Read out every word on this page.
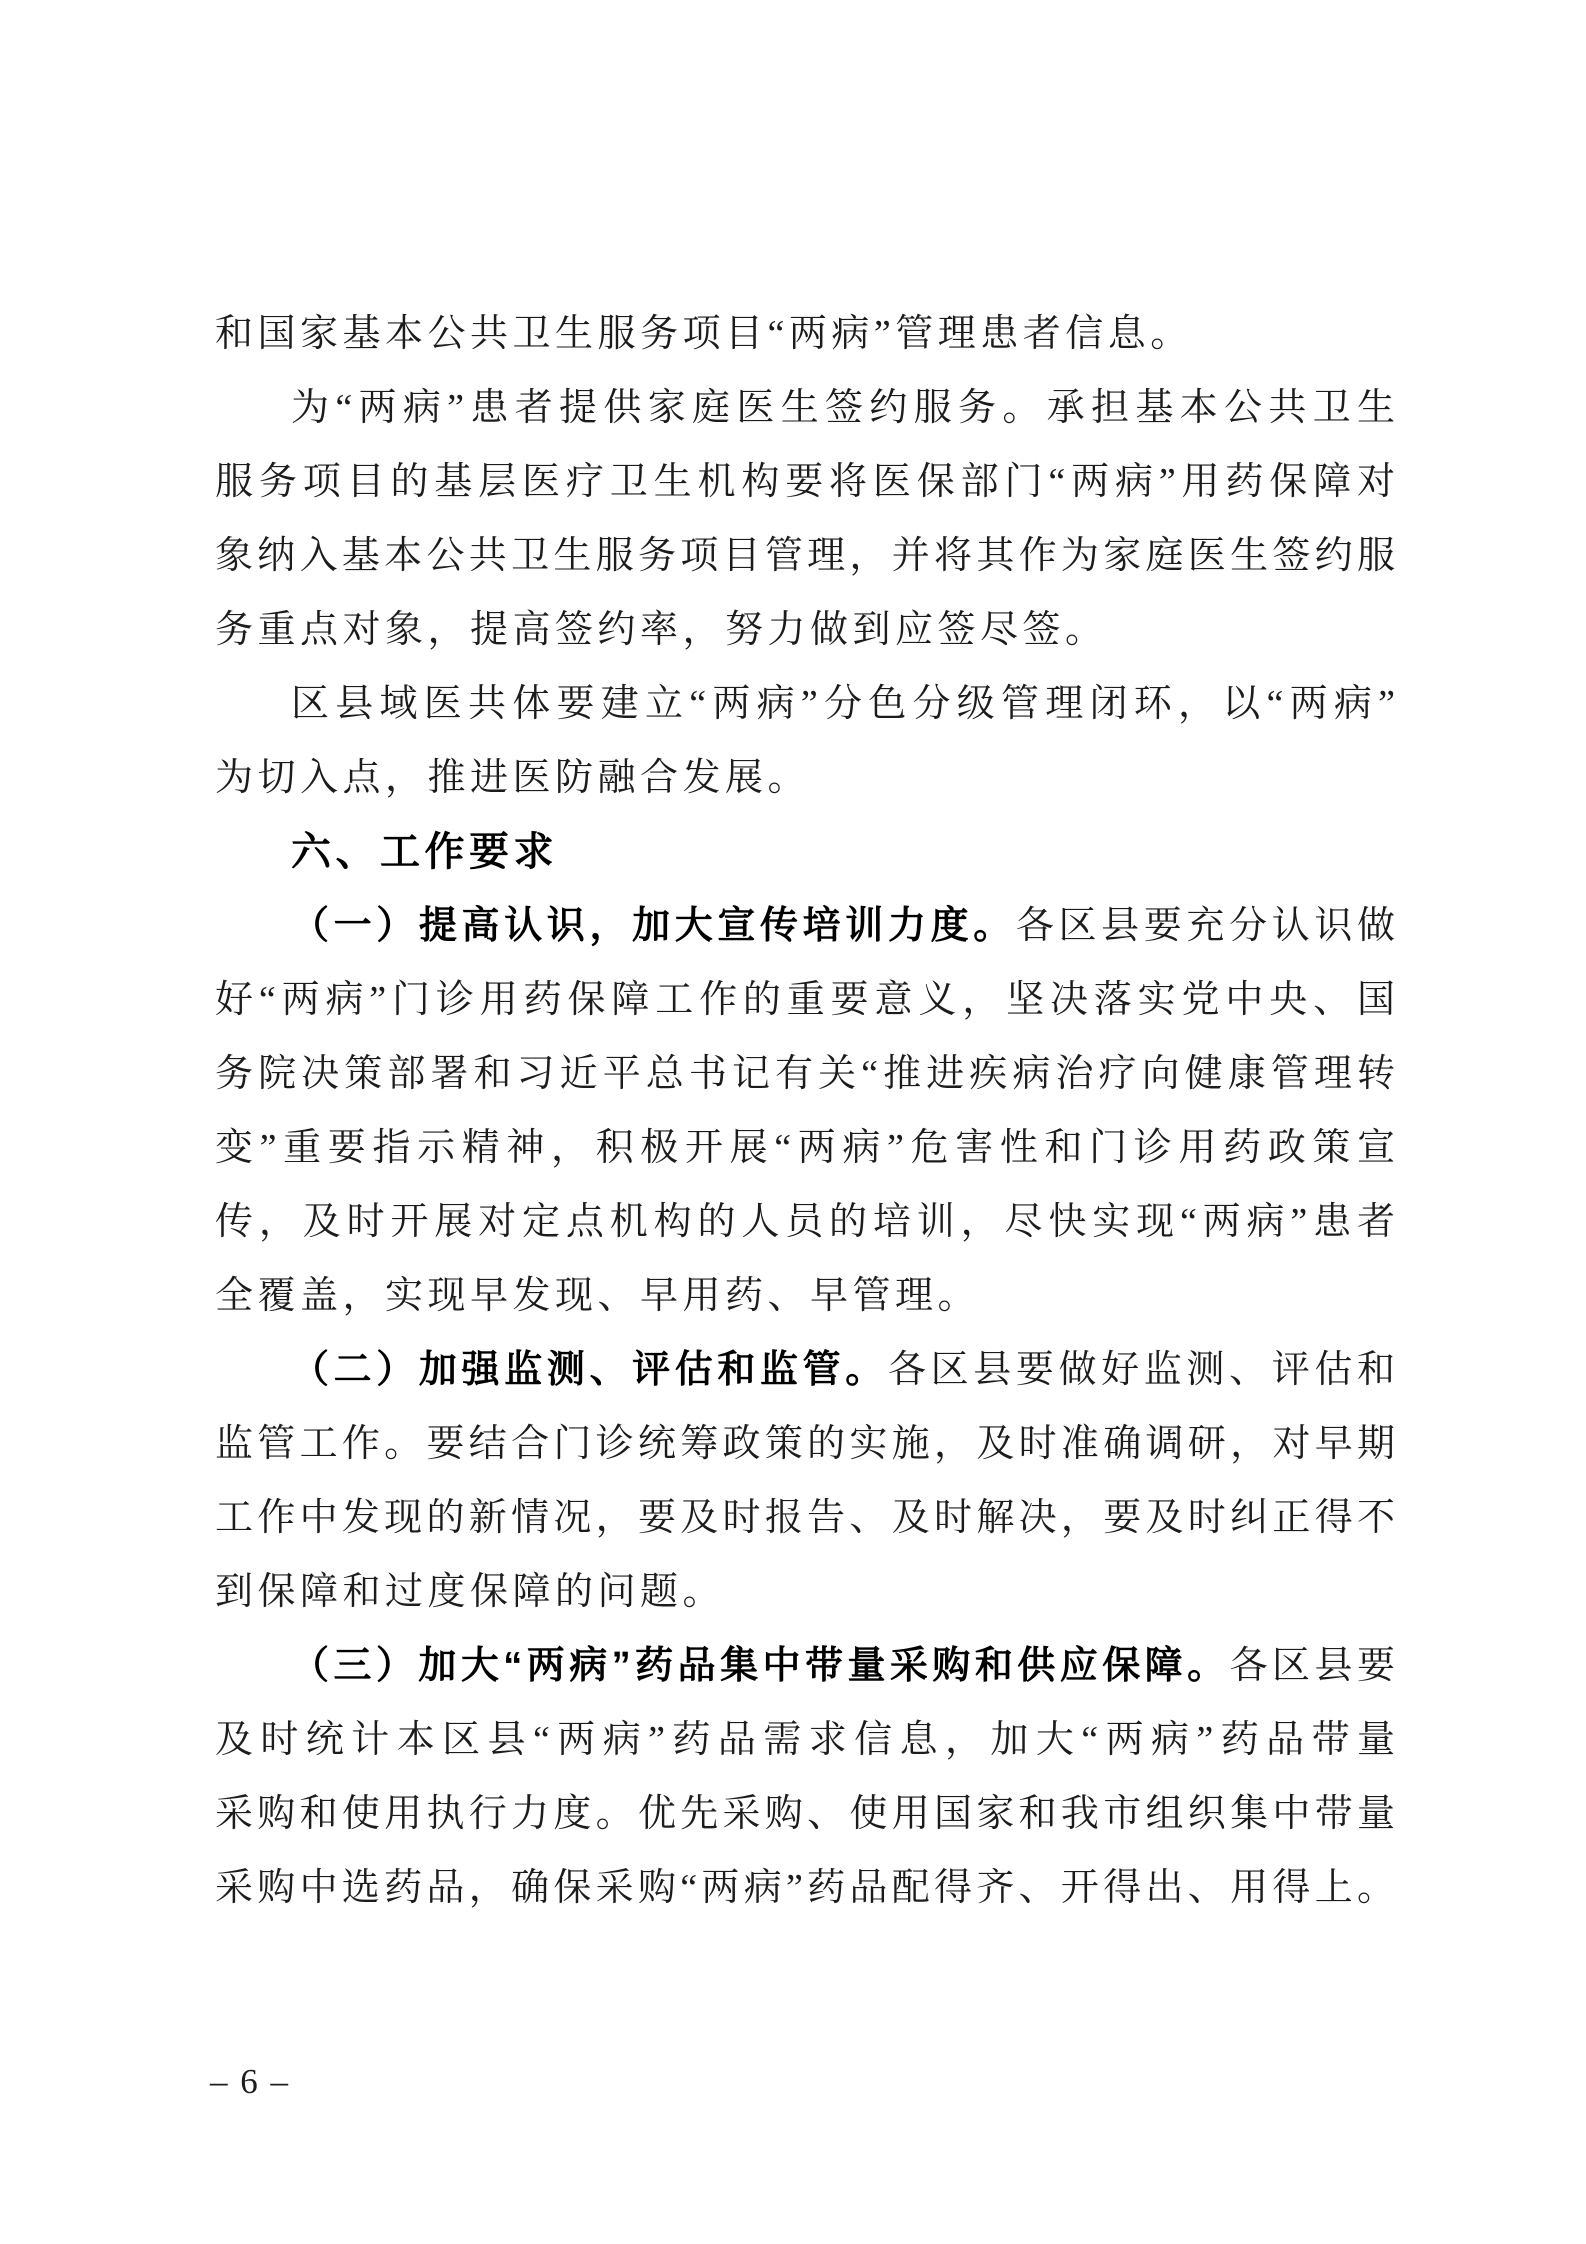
和国家基本公共卫生服务项目“两病”管理患者信息。
为“两病”患者提供家庭医生签约服务。承担基本公共卫生
服务项目的基层医疗卫生机构要将医保部门“两病”用药保障对
象纳入基本公共卫生服务项目管理，并将其作为家庭医生签约服
务重点对象，提高签约率，努力做到应签尽签。
区县域医共体要建立“两病”分色分级管理闭环，以“两病”
为切入点，推进医防融合发展。
六、工作要求
（一）提高认识，加大宣传培训力度。各区县要充分认识做
好“两病”门诊用药保障工作的重要意义，坚决落实党中央、国
务院决策部署和习近平总书记有关“推进疾病治疗向健康管理转
变”重要指示精神，积极开展“两病”危害性和门诊用药政策宣
传，及时开展对定点机构的人员的培训，尽快实现“两病”患者
全覆盖，实现早发现、早用药、早管理。
（二）加强监测、评估和监管。各区县要做好监测、评估和
监管工作。要结合门诊统筹政策的实施，及时准确调研，对早期
工作中发现的新情况，要及时报告、及时解决，要及时纠正得不
到保障和过度保障的问题。
（三）加大“两病”药品集中带量采购和供应保障。各区县要
及时统计本区县“两病”药品需求信息，加大“两病”药品带量
采购和使用执行力度。优先采购、使用国家和我市组织集中带量
采购中选药品，确保采购“两病”药品配得齐、开得出、用得上。
– 6 –
